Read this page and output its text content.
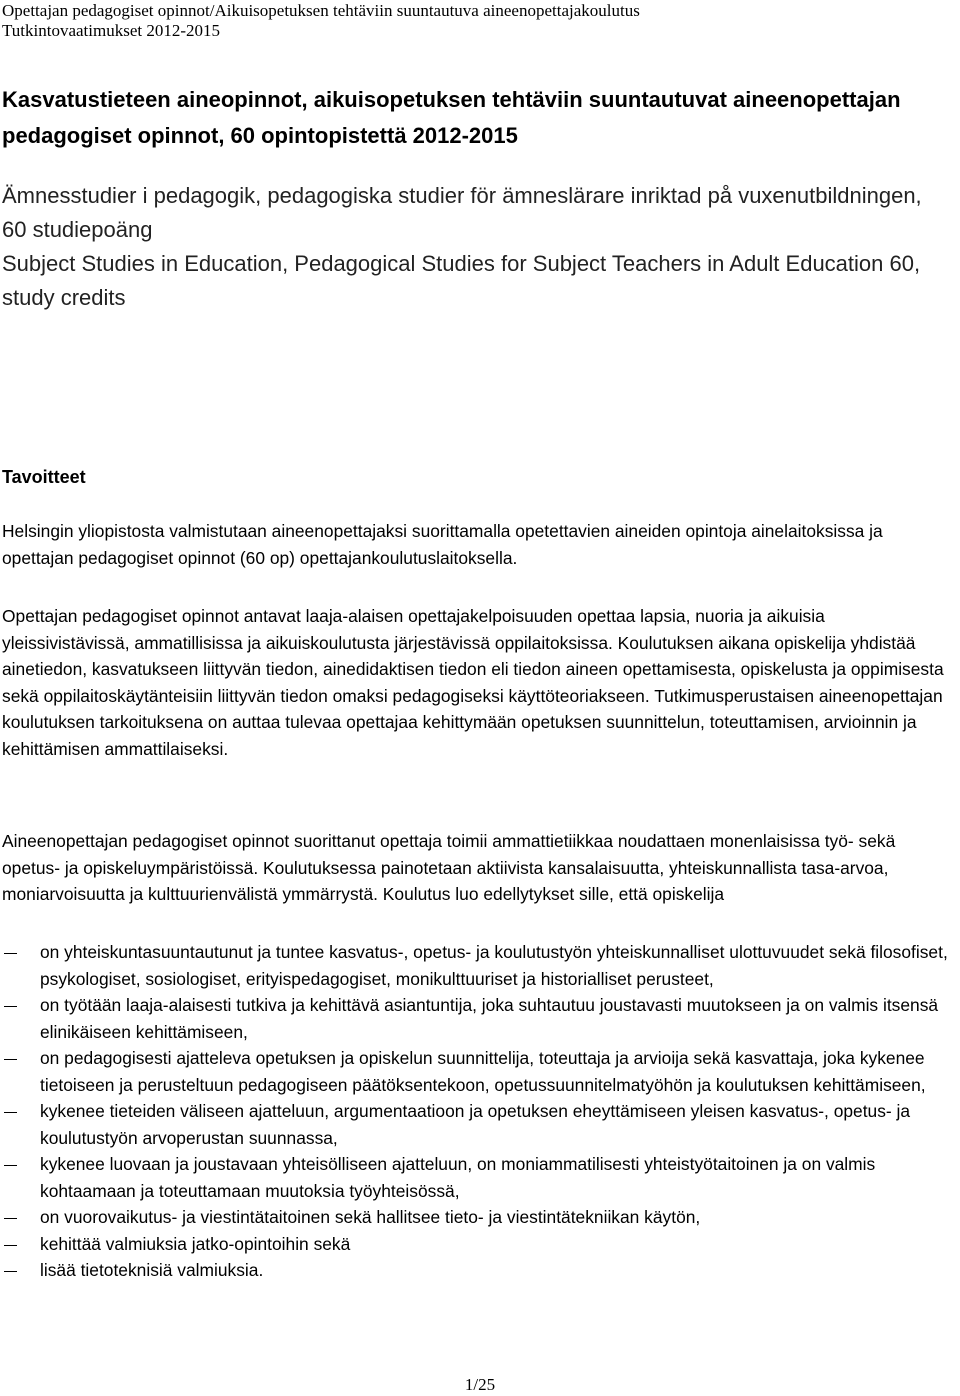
Opettajan pedagogiset opinnot/Aikuisopetuksen tehtäviin suuntautuva aineenopettajakoulutus
Tutkintovaatimukset 2012-2015
Kasvatustieteen aineopinnot, aikuisopetuksen tehtäviin suuntautuvat aineenopettajan pedagogiset opinnot, 60 opintopistettä 2012-2015
Ämnesstudier i pedagogik, pedagogiska studier för ämneslärare inriktad på vuxenutbildningen, 60 studiepoäng
Subject Studies in Education, Pedagogical Studies for Subject Teachers in Adult Education 60, study credits
Tavoitteet

Helsingin yliopistosta valmistutaan aineenopettajaksi suorittamalla opetettavien aineiden opintoja ainelaitoksissa ja opettajan pedagogiset opinnot (60 op) opettajankoulutuslaitoksella.

Opettajan pedagogiset opinnot antavat laaja-alaisen opettajakelpoisuuden opettaa lapsia, nuoria ja aikuisia yleissivistävissä, ammatillisissa ja aikuiskoulutusta järjestävissä oppilaitoksissa. Koulutuksen aikana opiskelija yhdistää ainetiedon, kasvatukseen liittyvän tiedon, ainedidaktisen tiedon eli tiedon aineen opettamisesta, opiskelusta ja oppimisesta sekä oppilaitoskäytänteisiin liittyvän tiedon omaksi pedagogiseksi käyttöteoriakseen. Tutkimusperustaisen aineenopettajan koulutuksen tarkoituksena on auttaa tulevaa opettajaa kehittymään opetuksen suunnittelun, toteuttamisen, arvioinnin ja kehittämisen ammattilaiseksi.

Aineenopettajan pedagogiset opinnot suorittanut opettaja toimii ammattietiikkaa noudattaen monenlaisissa työ- sekä opetus- ja opiskeluympäristöissä. Koulutuksessa painotetaan aktiivista kansalaisuutta, yhteiskunnallista tasa-arvoa, moniarvoisuutta ja kulttuurienvälistä ymmärrystä. Koulutus luo edellytykset sille, että opiskelija

on yhteiskuntasuuntautunut ja tuntee kasvatus-, opetus- ja koulutustyön yhteiskunnalliset ulottuvuudet sekä filosofiset, psykologiset, sosiologiset, erityispedagogiset, monikulttuuriset ja historialliset perusteet,
on työtään laaja-alaisesti tutkiva ja kehittävä asiantuntija, joka suhtautuu joustavasti muutokseen ja on valmis itsensä elinikäiseen kehittämiseen,
on pedagogisesti ajatteleva opetuksen ja opiskelun suunnittelija, toteuttaja ja arvioija sekä kasvattaja, joka kykenee tietoiseen ja perusteltuun pedagogiseen päätöksentekoon, opetussuunnitelmatyöhön ja koulutuksen kehittämiseen,
kykenee tieteiden väliseen ajatteluun, argumentaatioon ja opetuksen eheyttämiseen yleisen kasvatus-, opetus- ja koulutustyön arvoperustan suunnassa,
kykenee luovaan ja joustavaan yhteisölliseen ajatteluun, on moniammatilisesti yhteistyötaitoinen ja on valmis kohtaamaan ja toteuttamaan muutoksia työyhteisössä,
on vuorovaikutus- ja viestintätaitoinen sekä hallitsee tieto- ja viestintätekniikan käytön,
kehittää valmiuksia jatko-opintoihin sekä
lisää tietoteknisiä valmiuksia.
1/25
